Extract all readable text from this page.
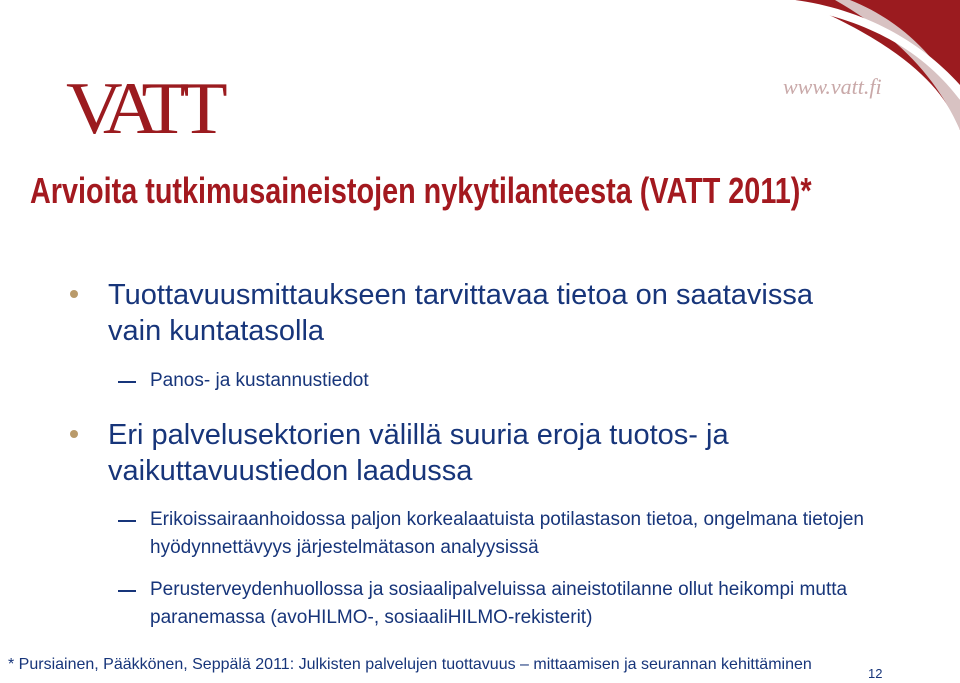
VATT	www.vatt.fi
Arvioita tutkimusaineistojen nykytilanteesta (VATT 2011)*
Tuottavuusmittaukseen tarvittavaa tietoa on saatavissa vain kuntatasolla
Panos- ja kustannustiedot
Eri palvelusektorien välillä suuria eroja tuotos- ja vaikuttavuustiedon laadussa
Erikoissairaanhoidossa paljon korkealaatuista potilastason tietoa, ongelmana tietojen hyödynnettävyys järjestelmätason analyysissä
Perusterveydenhuollossa ja sosiaalipalveluissa aineistotilanne ollut heikompi mutta paranemassa (avoHILMO-, sosiaaliHILMO-rekisterit)
* Pursiainen, Pääkkönen, Seppälä 2011: Julkisten palvelujen tuottavuus – mittaamisen ja seurannan kehittäminen
12
